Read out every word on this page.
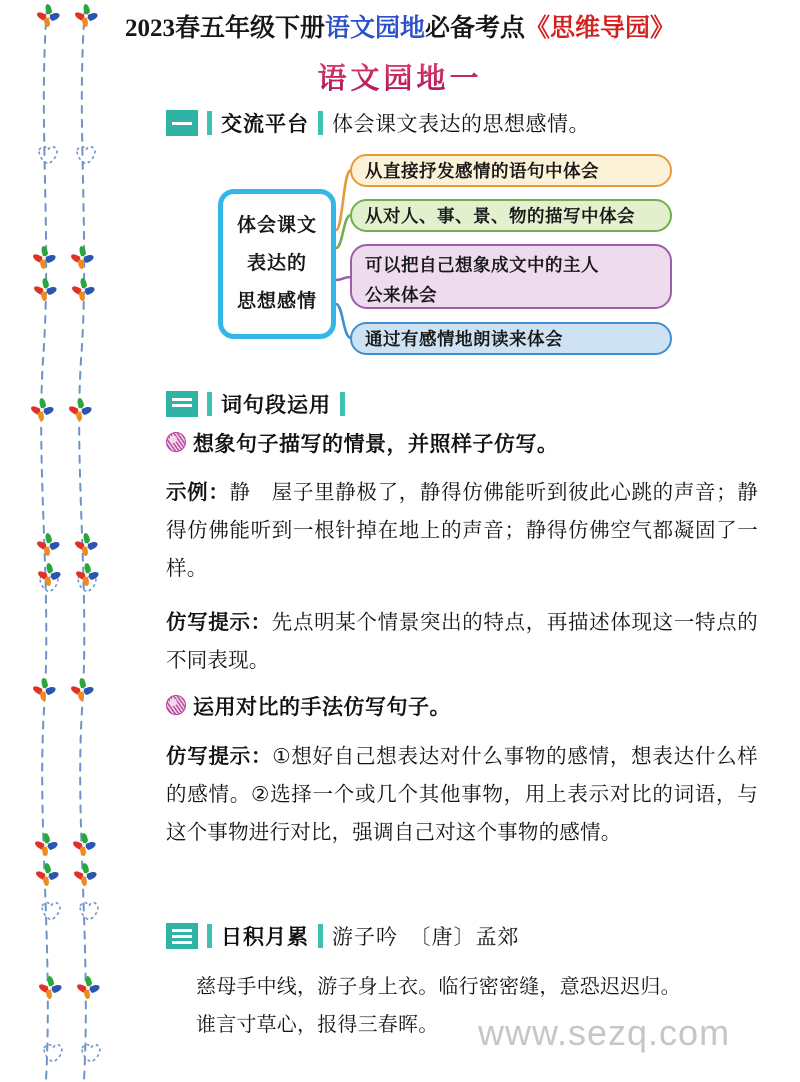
2023春五年级下册语文园地必备考点《思维导园》
语文园地一
交流平台 体会课文表达的思想感情。
体会课文
表达的
思想感情
从直接抒发感情的语句中体会
从对人、事、景、物的描写中体会
可以把自己想象成文中的主人
公来体会
通过有感情地朗读来体会
词句段运用
想象句子描写的情景，并照样子仿写。
示例：静　屋子里静极了，静得仿佛能听到彼此心跳的声音；静得仿佛能听到一根针掉在地上的声音；静得仿佛空气都凝固了一样。
仿写提示：先点明某个情景突出的特点，再描述体现这一特点的不同表现。
运用对比的手法仿写句子。
仿写提示：①想好自己想表达对什么事物的感情，想表达什么样的感情。②选择一个或几个其他事物，用上表示对比的词语，与这个事物进行对比，强调自己对这个事物的感情。
日积月累 游子吟　〔唐〕孟郊
慈母手中线，游子身上衣。临行密密缝，意恐迟迟归。
谁言寸草心，报得三春晖。	www.sezq.com
